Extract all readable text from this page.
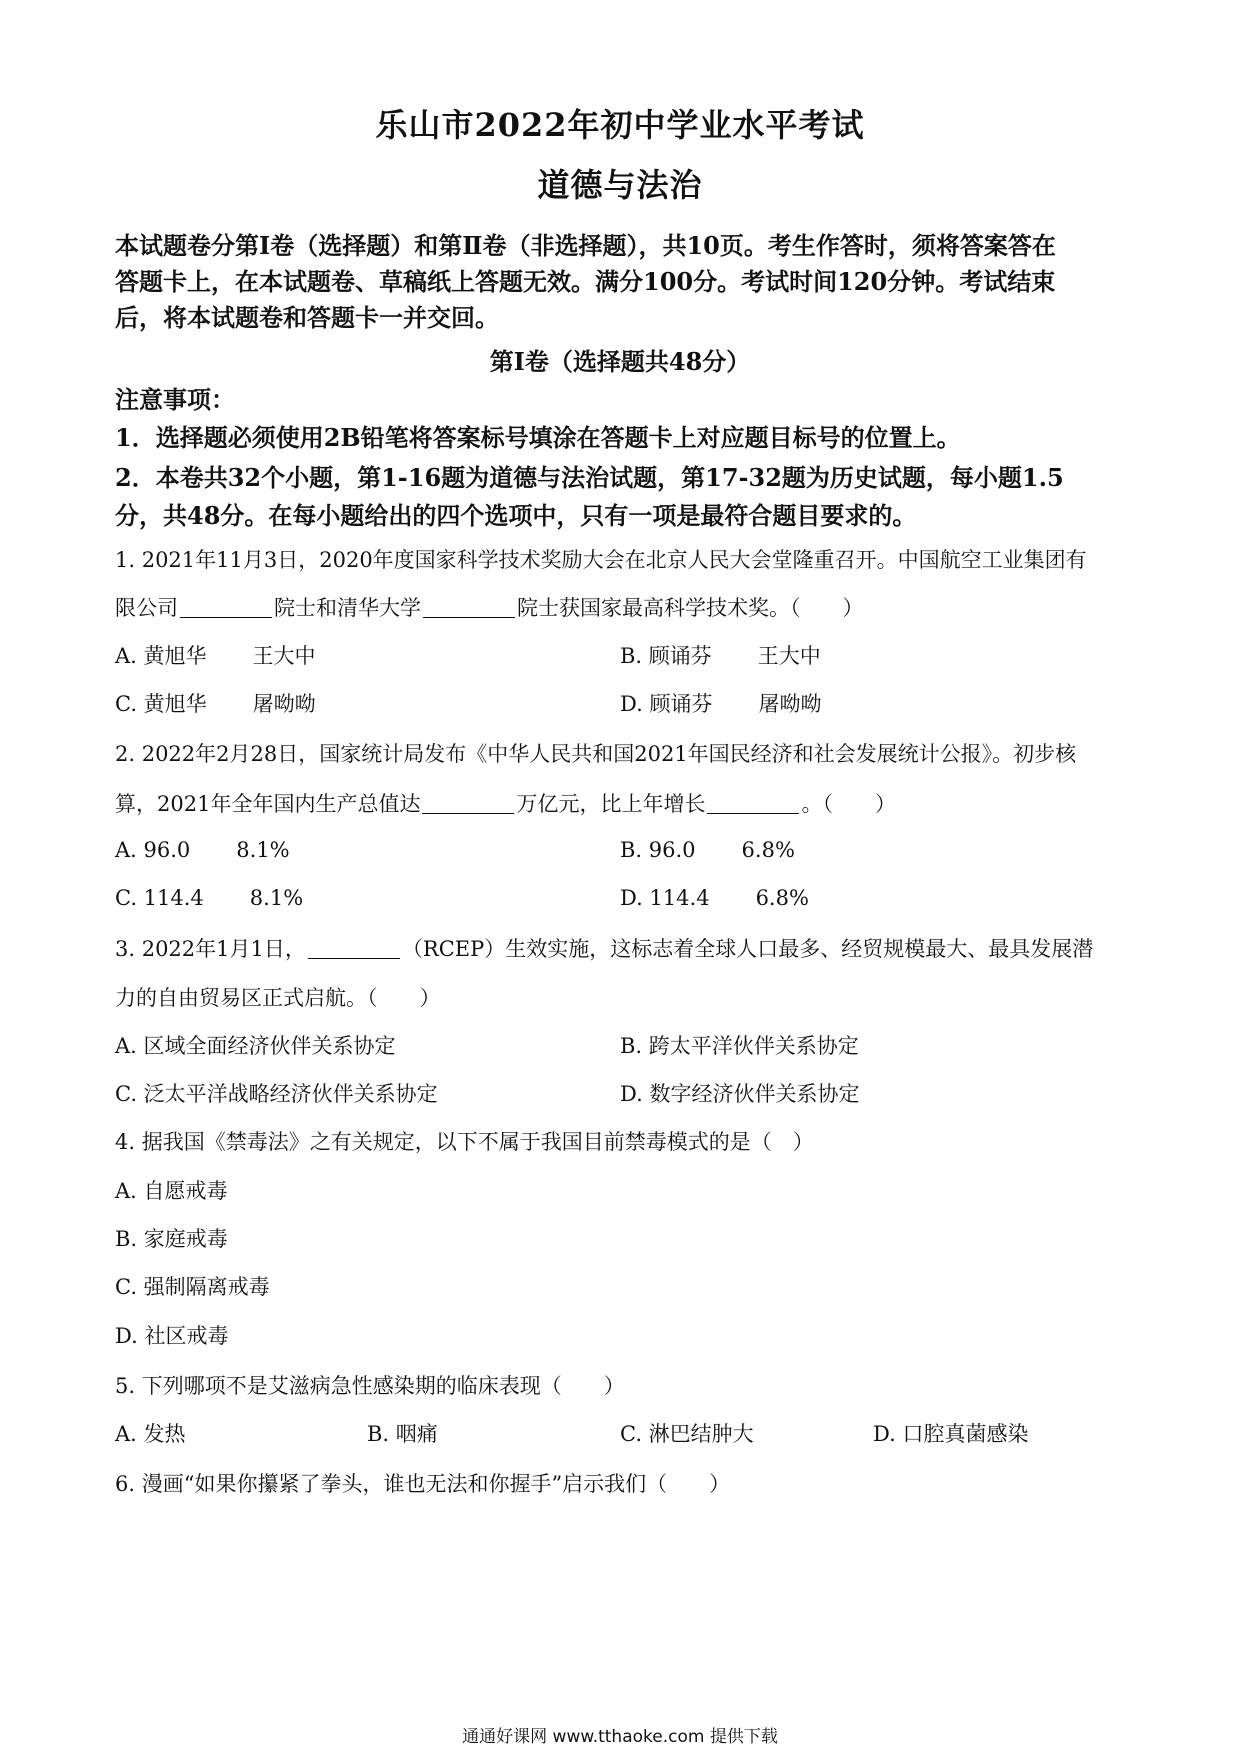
乐山市2022年初中学业水平考试
道德与法治
本试题卷分第I卷（选择题）和第Ⅱ卷（非选择题），共10页。考生作答时，须将答案答在
答题卡上，在本试题卷、草稿纸上答题无效。满分100分。考试时间120分钟。考试结束
后，将本试题卷和答题卡一并交回。
第I卷（选择题共48分）
注意事项：
1．选择题必须使用2B铅笔将答案标号填涂在答题卡上对应题目标号的位置上。
2．本卷共32个小题，第1-16题为道德与法治试题，第17-32题为历史试题，每小题1.5
分，共48分。在每小题给出的四个选项中，只有一项是最符合题目要求的。
1. 2021年11月3日，2020年度国家科学技术奖励大会在北京人民大会堂隆重召开。中国航空工业集团有
限公司	院士和清华大学	院士获国家最高科学技术奖。（　　）
A. 黄旭华 王大中	B. 顾诵芬 王大中
C. 黄旭华 屠呦呦	D. 顾诵芬 屠呦呦
2. 2022年2月28日，国家统计局发布《中华人民共和国2021年国民经济和社会发展统计公报》。初步核
算，2021年全年国内生产总值达	万亿元，比上年增长	。（　　）
A. 96.0 8.1%	B. 96.0 6.8%
C. 114.4 8.1%	D. 114.4 6.8%
3. 2022年1月1日，	（RCEP）生效实施，这标志着全球人口最多、经贸规模最大、最具发展潜
力的自由贸易区正式启航。（　　）
A. 区域全面经济伙伴关系协定	B. 跨太平洋伙伴关系协定
C. 泛太平洋战略经济伙伴关系协定	D. 数字经济伙伴关系协定
4. 据我国《禁毒法》之有关规定，以下不属于我国目前禁毒模式的是（　）
A. 自愿戒毒
B. 家庭戒毒
C. 强制隔离戒毒
D. 社区戒毒
5. 下列哪项不是艾滋病急性感染期的临床表现（　　）
A. 发热	B. 咽痛	C. 淋巴结肿大	D. 口腔真菌感染
6. 漫画“如果你攥紧了拳头，谁也无法和你握手”启示我们（　　）
通通好课网 www.tthaoke.com 提供下载
